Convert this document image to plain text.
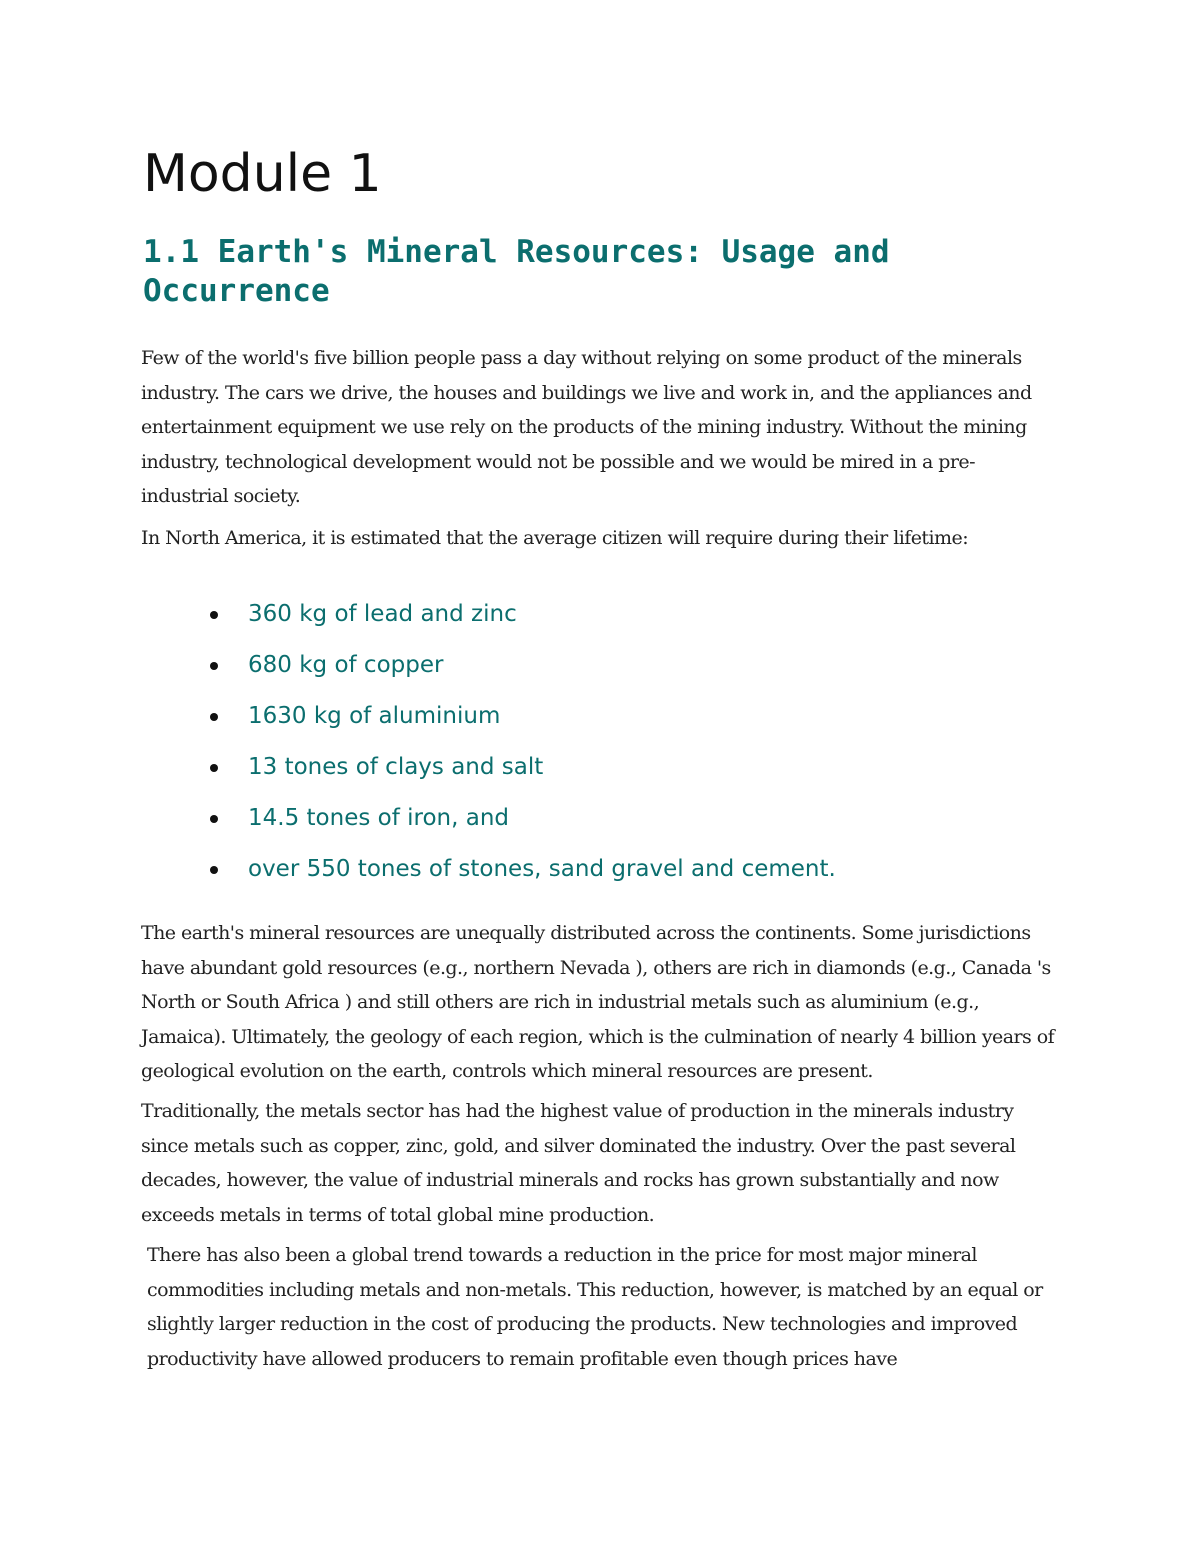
Module 1
1.1 Earth's Mineral Resources: Usage and Occurrence

Few of the world's five billion people pass a day without relying on some product of the minerals industry. The cars we drive, the houses and buildings we live and work in, and the appliances and entertainment equipment we use rely on the products of the mining industry. Without the mining industry, technological development would not be possible and we would be mired in a pre-industrial society.

In North America, it is estimated that the average citizen will require during their lifetime:

360 kg of lead and zinc
680 kg of copper
1630 kg of aluminium
13 tones of clays and salt
14.5 tones of iron, and
over 550 tones of stones, sand gravel and cement.

The earth's mineral resources are unequally distributed across the continents. Some jurisdictions have abundant gold resources (e.g., northern Nevada ), others are rich in diamonds (e.g., Canada 's North or South Africa ) and still others are rich in industrial metals such as aluminium (e.g., Jamaica). Ultimately, the geology of each region, which is the culmination of nearly 4 billion years of geological evolution on the earth, controls which mineral resources are present.

Traditionally, the metals sector has had the highest value of production in the minerals industry since metals such as copper, zinc, gold, and silver dominated the industry. Over the past several decades, however, the value of industrial minerals and rocks has grown substantially and now exceeds metals in terms of total global mine production.

There has also been a global trend towards a reduction in the price for most major mineral commodities including metals and non-metals. This reduction, however, is matched by an equal or slightly larger reduction in the cost of producing the products. New technologies and improved productivity have allowed producers to remain profitable even though prices have
